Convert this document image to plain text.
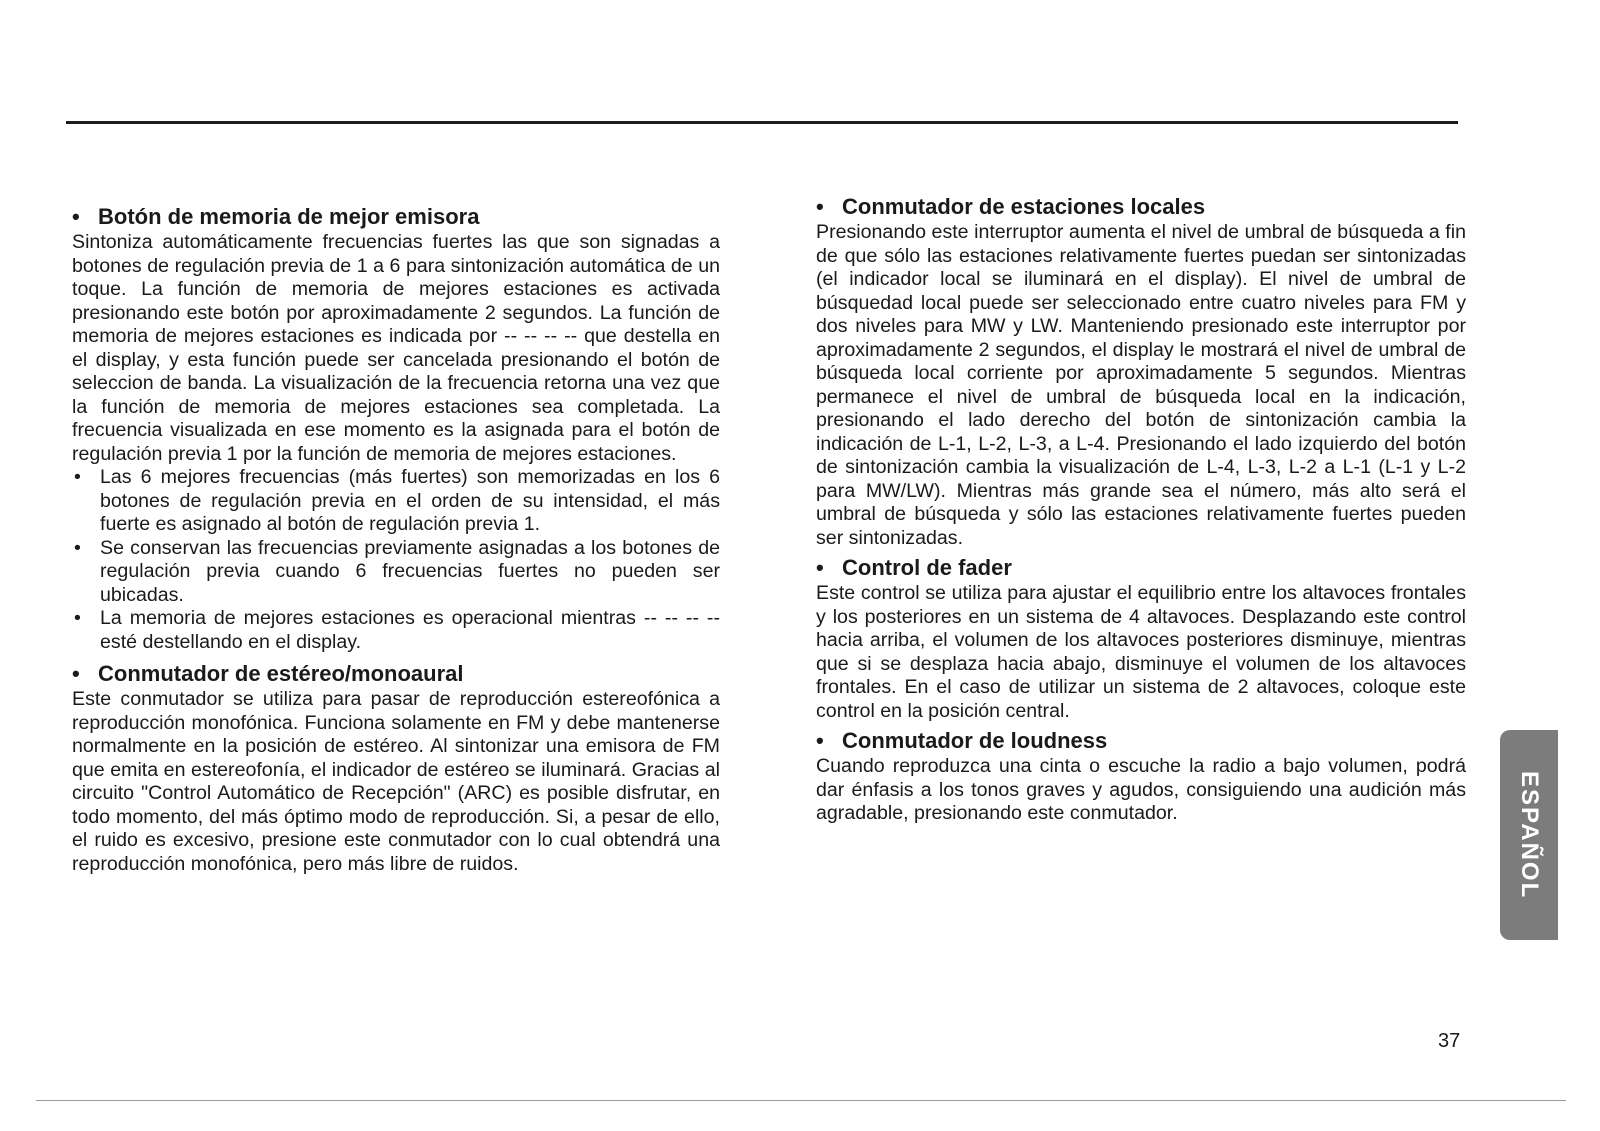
• Botón de memoria de mejor emisora

Sintoniza automáticamente frecuencias fuertes las que son signadas a botones de regulación previa de 1 a 6 para sintonización automática de un toque. La función de memoria de mejores estaciones es activada presionando este botón por aproximadamente 2 segundos. La función de memoria de mejores estaciones es indicada por -- -- -- -- que destella en el display, y esta función puede ser cancelada presionando el botón de seleccion de banda. La visualización de la frecuencia retorna una vez que la función de memoria de mejores estaciones sea completada. La frecuencia visualizada en ese momento es la asignada para el botón de regulación previa 1 por la función de memoria de mejores estaciones.

• Las 6 mejores frecuencias (más fuertes) son memorizadas en los 6 botones de regulación previa en el orden de su intensidad, el más fuerte es asignado al botón de regulación previa 1.
• Se conservan las frecuencias previamente asignadas a los botones de regulación previa cuando 6 frecuencias fuertes no pueden ser ubicadas.
• La memoria de mejores estaciones es operacional mientras -- -- -- -- esté destellando en el display.
• Conmutador de estéreo/monoaural

Este conmutador se utiliza para pasar de reproducción estereofónica a reproducción monofónica. Funciona solamente en FM y debe mantenerse normalmente en la posición de estéreo. Al sintonizar una emisora de FM que emita en estereofonía, el indicador de estéreo se iluminará. Gracias al circuito "Control Automático de Recepción" (ARC) es posible disfrutar, en todo momento, del más óptimo modo de reproducción. Si, a pesar de ello, el ruido es excesivo, presione este conmutador con lo cual obtendrá una reproducción monofónica, pero más libre de ruidos.

• Conmutador de estaciones locales

Presionando este interruptor aumenta el nivel de umbral de búsqueda a fin de que sólo las estaciones relativamente fuertes puedan ser sintonizadas (el indicador local se iluminará en el display). El nivel de umbral de búsquedad local puede ser seleccionado entre cuatro niveles para FM y dos niveles para MW y LW. Manteniendo presionado este interruptor por aproximadamente 2 segundos, el display le mostrará el nivel de umbral de búsqueda local corriente por aproximadamente 5 segundos. Mientras permanece el nivel de umbral de búsqueda local en la indicación, presionando el lado derecho del botón de sintonización cambia la indicación de L-1, L-2, L-3, a L-4. Presionando el lado izquierdo del botón de sintonización cambia la visualización de L-4, L-3, L-2 a L-1 (L-1 y L-2 para MW/LW). Mientras más grande sea el número, más alto será el umbral de búsqueda y sólo las estaciones relativamente fuertes pueden ser sintonizadas.

• Control de fader

Este control se utiliza para ajustar el equilibrio entre los altavoces frontales y los posteriores en un sistema de 4 altavoces. Desplazando este control hacia arriba, el volumen de los altavoces posteriores disminuye, mientras que si se desplaza hacia abajo, disminuye el volumen de los altavoces frontales. En el caso de utilizar un sistema de 2 altavoces, coloque este control en la posición central.

• Conmutador de loudness

Cuando reproduzca una cinta o escuche la radio a bajo volumen, podrá dar énfasis a los tonos graves y agudos, consiguiendo una audición más agradable, presionando este conmutador.	ESPAÑOL
37
